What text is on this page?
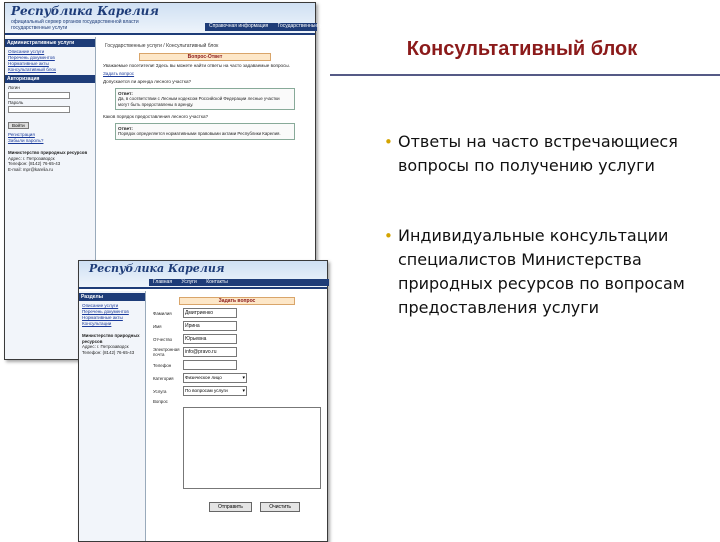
Консультативный блок
• Ответы на часто встречающиеся вопросы по получению услуги
• Индивидуальные консультации специалистов Министерства природных ресурсов по вопросам предоставления услуги
Республика Карелия
официальный сервер органов государственной власти
государственные услуги	Справочная информация Государственные услуги
Государственные услуги / Консультативный блок
Административные услуги
Описание услуги
Перечень документов
Нормативные акты
Консультативный блок
Авторизация
Логин
Пароль
Войти
Регистрация
Забыли пароль?
Министерство природных ресурсов
Адрес: г. Петрозаводск
Телефон: (8142) 76-65-43
E-mail: mpr@karelia.ru
Вопрос-Ответ
Уважаемые посетители! Здесь вы можете найти ответы на часто задаваемые вопросы.
Задать вопрос
Допускается ли аренда лесного участка?
Ответ:
Да, в соответствии с Лесным кодексом Российской Федерации лесные участки могут быть предоставлены в аренду.
Каков порядок предоставления лесного участка?
Ответ:
Порядок определяется нормативными правовыми актами Республики Карелия.
Республика Карелия
Главная Услуги Контакты
Разделы
Описание услуги
Перечень документов
Нормативные акты
Консультации
Министерство природных ресурсов
Адрес: г. Петрозаводск
Телефон: (8142) 76-65-43
Задать вопрос
Фамилия	Дмитриенко
Имя	Ирина
Отчество	Юрьевна
Электронная почта	info@pravo.ru
Телефон
Категория	Физическое лицо	▾
Услуга	По вопросам услуги	▾
Вопрос
Отправить	Очистить
